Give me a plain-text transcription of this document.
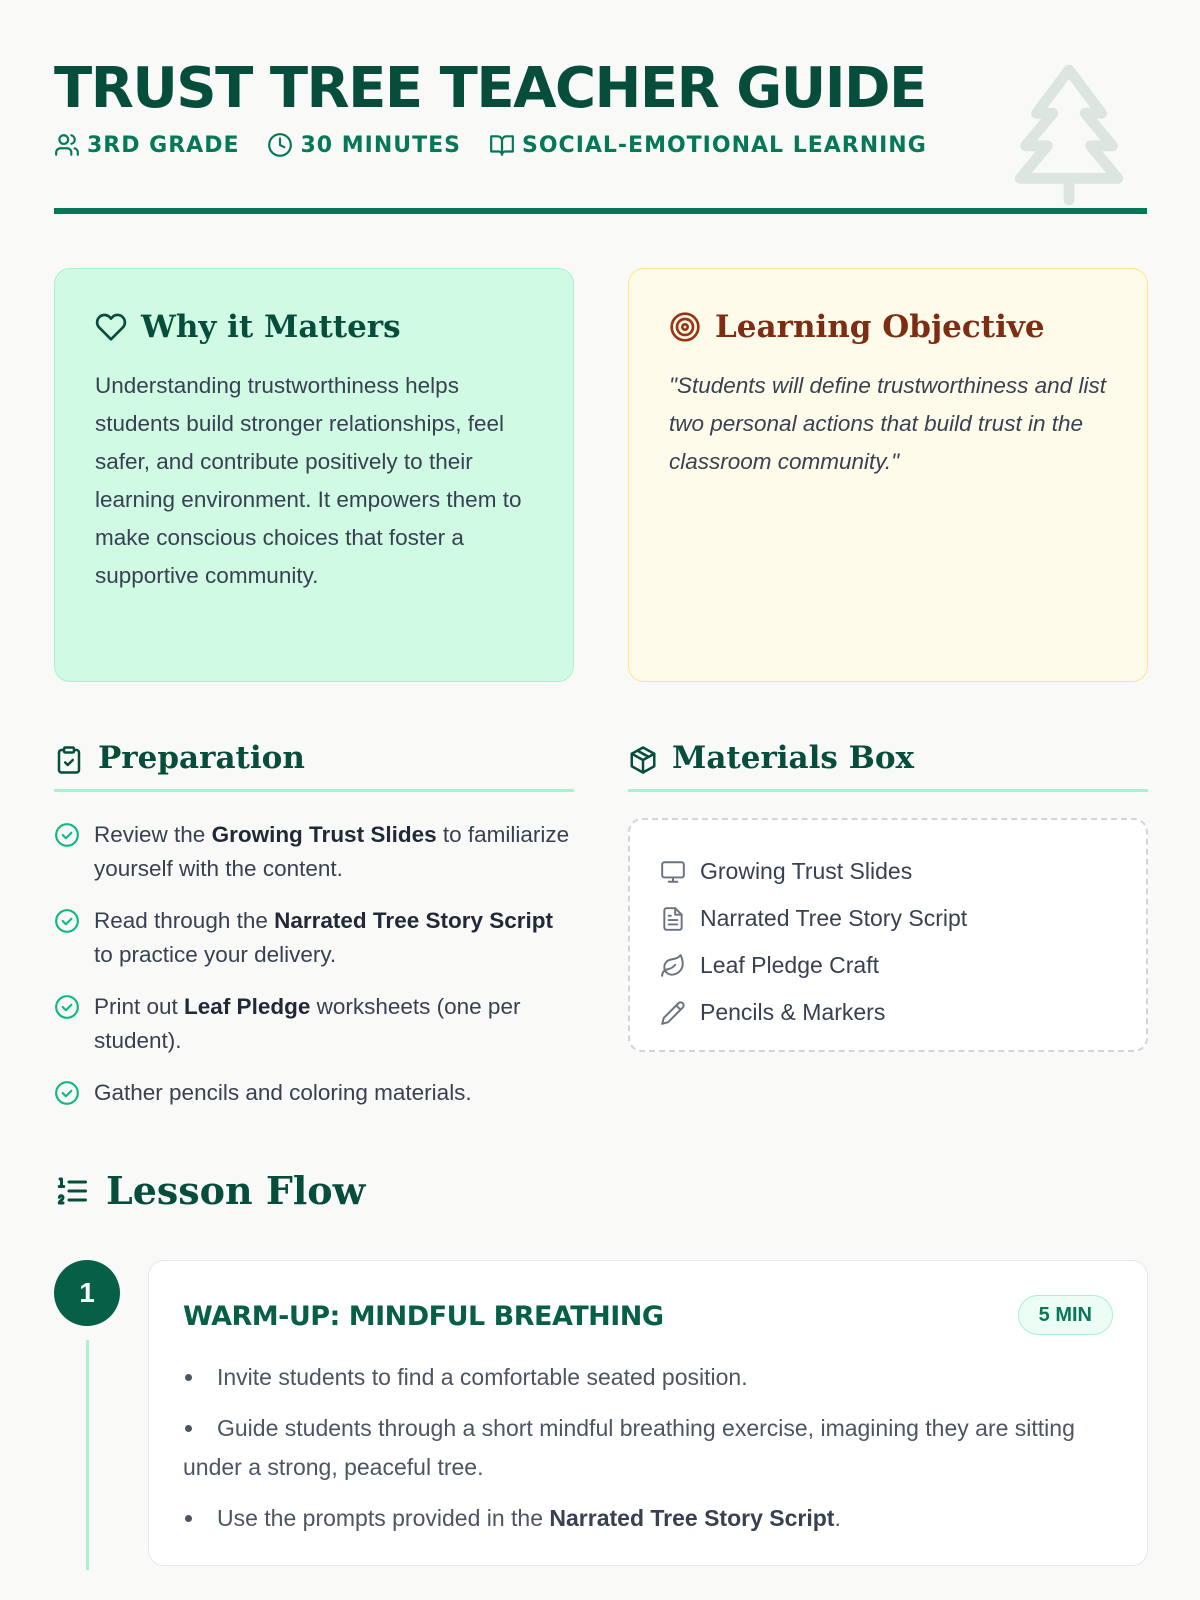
TRUST TREE TEACHER GUIDE
3RD GRADE	30 MINUTES	SOCIAL-EMOTIONAL LEARNING
Why it Matters
Understanding trustworthiness helps students build stronger relationships, feel safer, and contribute positively to their learning environment. It empowers them to make conscious choices that foster a supportive community.
Learning Objective
"Students will define trustworthiness and list two personal actions that build trust in the classroom community."
Preparation
Review the Growing Trust Slides to familiarize yourself with the content.
Read through the Narrated Tree Story Script to practice your delivery.
Print out Leaf Pledge worksheets (one per student).
Gather pencils and coloring materials.
Materials Box
Growing Trust Slides
Narrated Tree Story Script
Leaf Pledge Craft
Pencils & Markers
Lesson Flow
1
WARM-UP: MINDFUL BREATHING	5 MIN
Invite students to find a comfortable seated position.
Guide students through a short mindful breathing exercise, imagining they are sitting under a strong, peaceful tree.
Use the prompts provided in the Narrated Tree Story Script.
